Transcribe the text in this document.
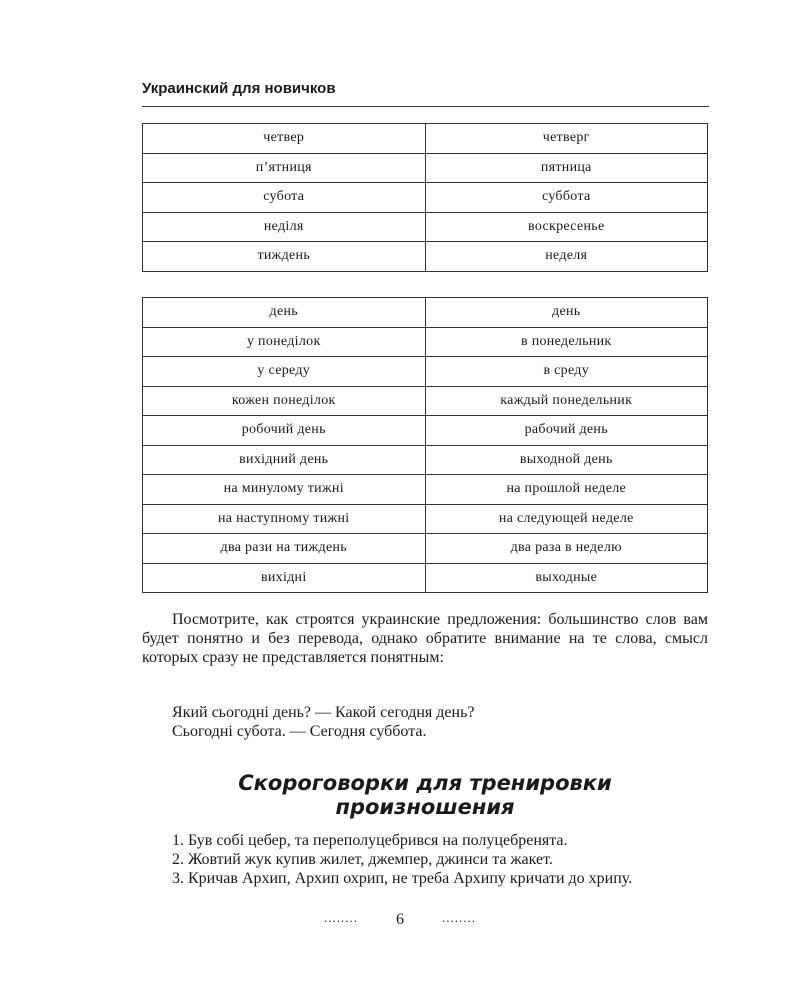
Украинский для новичков
четвер	четверг
п’ятниця	пятница
субота	суббота
неділя	воскресенье
тиждень	неделя
день	день
у понеділок	в понедельник
у середу	в среду
кожен понеділок	каждый понедельник
робочий день	рабочий день
вихідний день	выходной день
на минулому тижні	на прошлой неделе
на наступному тижні	на следующей неделе
два рази на тиждень	два раза в неделю
вихідні	выходные

Посмотрите, как строятся украинские предложения: большинство слов вам будет понятно и без перевода, однако обратите внимание на те слова, смысл которых сразу не представляется понятным:

Який сьогодні день? — Какой сегодня день?

Сьогодні субота. — Сегодня суббота.

Скороговорки для тренировки
произношения

1. Був собі цебер, та переполуцебрився на полуцебренята.

2. Жовтий жук купив жилет, джемпер, джинси та жакет.

3. Кричав Архип, Архип охрип, не треба Архипу кричати до хрипу.

........ 6	........
